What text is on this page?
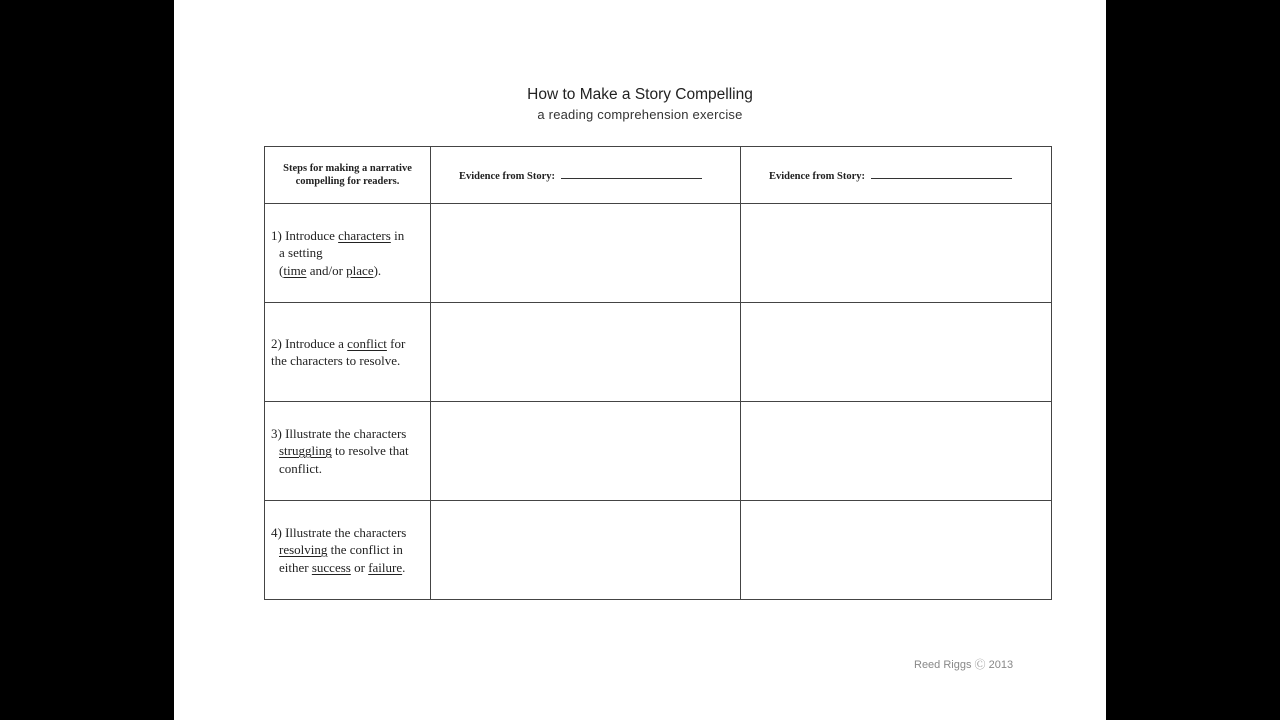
How to Make a Story Compelling
a reading comprehension exercise
Steps for making a narrative compelling for readers.	Evidence from Story:	Evidence from Story:

1) Introduce characters in
a setting
(time and/or place).		

2) Introduce a conflict for
the characters to resolve.		

3) Illustrate the characters
struggling to resolve that
conflict.		

4) Illustrate the characters
resolving the conflict in
either success or failure.		

Reed Riggs Ⓒ 2013
